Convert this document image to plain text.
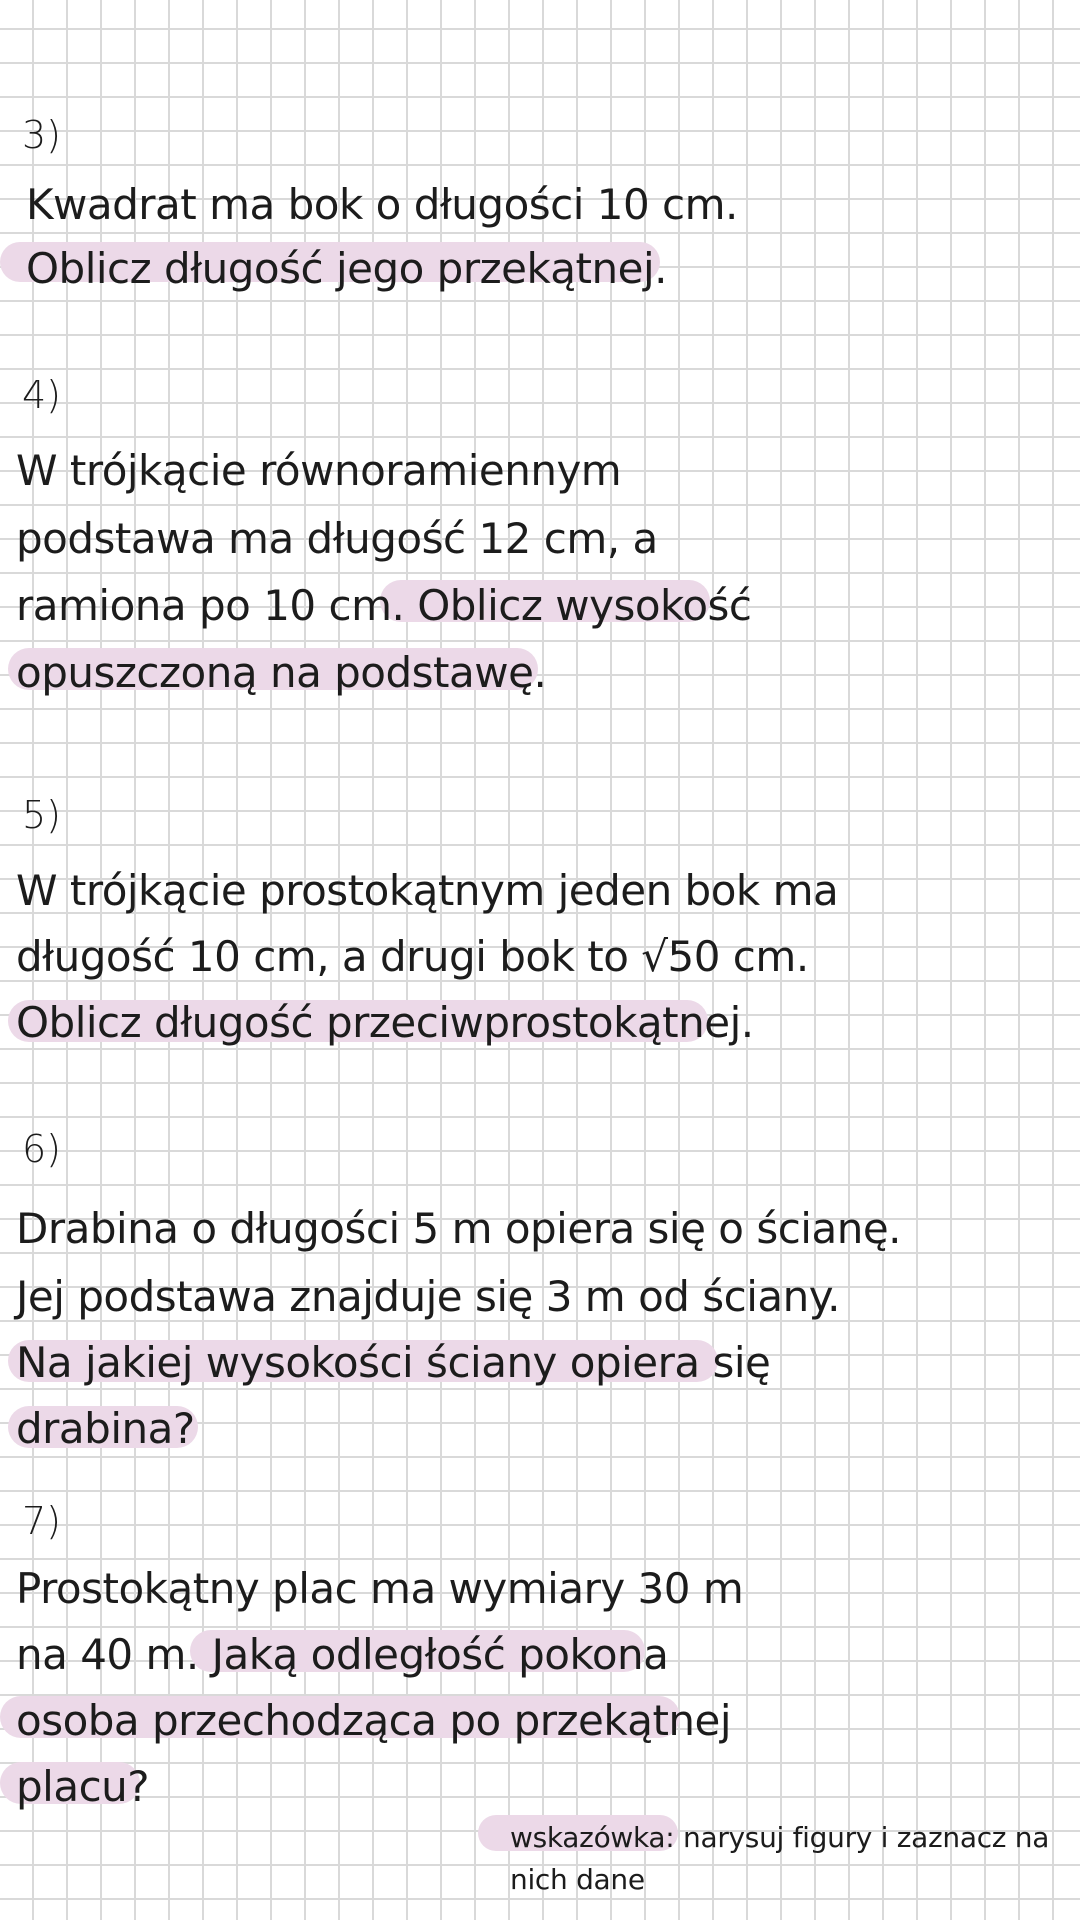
3)
Kwadrat ma bok o długości 10 cm.
Oblicz długość jego przekątnej.
4)
W trójkącie równoramiennym
podstawa ma długość 12 cm, a
ramiona po 10 cm. Oblicz wysokość
opuszczoną na podstawę.
5)
W trójkącie prostokątnym jeden bok ma
długość 10 cm, a drugi bok to √50 cm.
Oblicz długość przeciwprostokątnej.
6)
Drabina o długości 5 m opiera się o ścianę.
Jej podstawa znajduje się 3 m od ściany.
Na jakiej wysokości ściany opiera się
drabina?
7)
Prostokątny plac ma wymiary 30 m
na 40 m. Jaką odległość pokona
osoba przechodząca po przekątnej
placu?
wskazówka: narysuj figury i zaznacz na
nich dane
